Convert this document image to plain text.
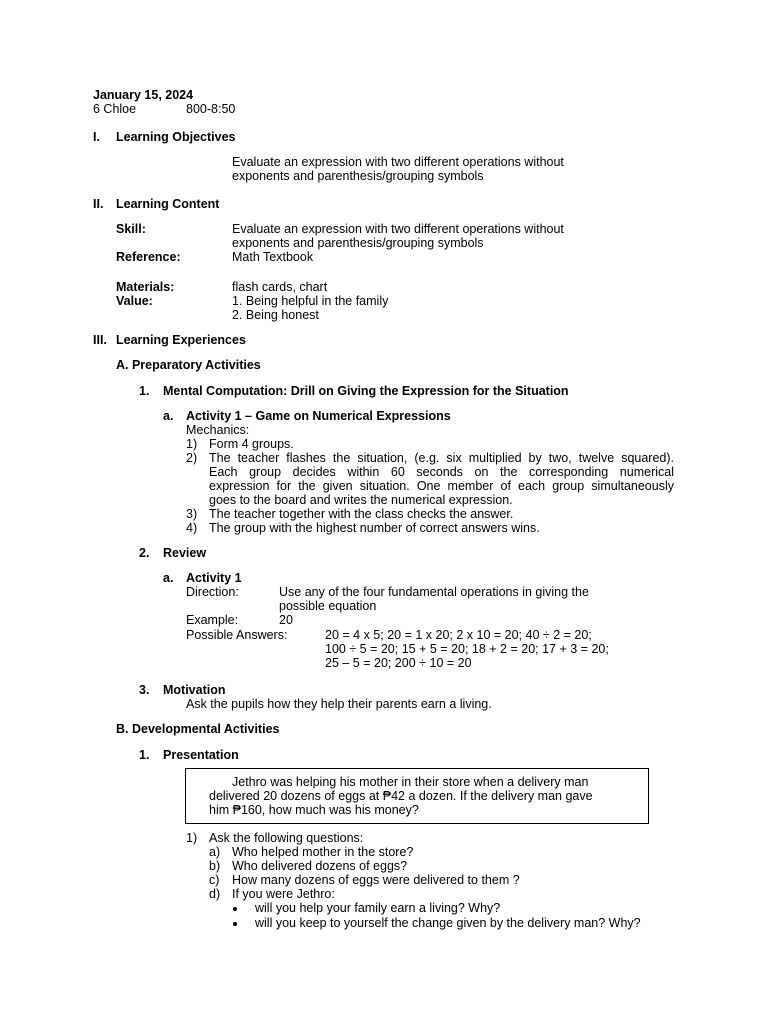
January 15, 2024
6 Chloe	800-8:50
I. Learning Objectives
Evaluate an expression with two different operations without
exponents and parenthesis/grouping symbols
II. Learning Content
Skill:	Evaluate an expression with two different operations without
exponents and parenthesis/grouping symbols
Reference:	Math Textbook
Materials:	flash cards, chart
Value:	1. Being helpful in the family
2. Being honest
III. Learning Experiences
A. Preparatory Activities
1. Mental Computation: Drill on Giving the Expression for the Situation
a. Activity 1 – Game on Numerical Expressions
Mechanics:
1) Form 4 groups.
2) The teacher flashes the situation, (e.g. six multiplied by two, twelve squared).
Each group decides within 60 seconds on the corresponding numerical
expression for the given situation. One member of each group simultaneously
goes to the board and writes the numerical expression.
3) The teacher together with the class checks the answer.
4) The group with the highest number of correct answers wins.
2. Review
a. Activity 1
Direction:	Use any of the four fundamental operations in giving the
possible equation
Example:	20
Possible Answers:	20 = 4 x 5; 20 = 1 x 20; 2 x 10 = 20; 40 ÷ 2 = 20;
100 ÷ 5 = 20; 15 + 5 = 20; 18 + 2 = 20; 17 + 3 = 20;
25 – 5 = 20; 200 ÷ 10 = 20
3. Motivation
Ask the pupils how they help their parents earn a living.
B. Developmental Activities
1. Presentation
Jethro was helping his mother in their store when a delivery man
delivered 20 dozens of eggs at ₱42 a dozen. If the delivery man gave
him ₱160, how much was his money?
1) Ask the following questions:
a) Who helped mother in the store?
b) Who delivered dozens of eggs?
c) How many dozens of eggs were delivered to them ?
d) If you were Jethro:
will you help your family earn a living? Why?
will you keep to yourself the change given by the delivery man? Why?
